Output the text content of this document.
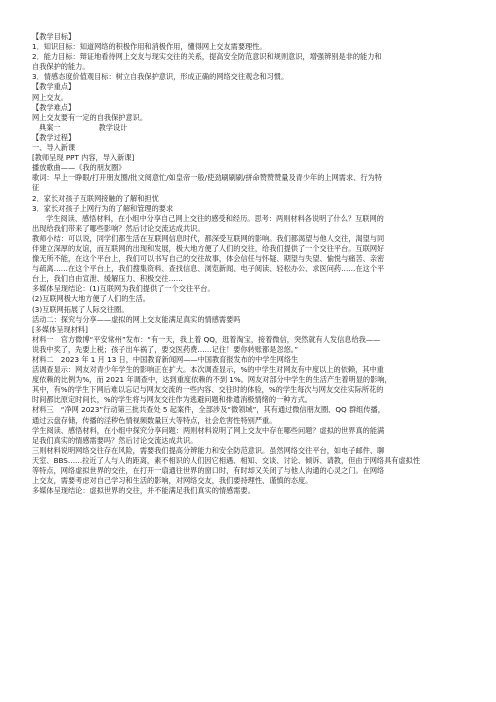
【教学目标】
1．知识目标：知道网络的积极作用和消极作用，懂得网上交友需要理性。
2．能力目标：辩证地看待网上交友与现实交往的关系，提高安全防范意识和规则意识，增强辨别是非的能力和
自我保护的能力。
3．情感态度价值观目标：树立自我保护意识，形成正确的网络交往观念和习惯。
【教学重点】
网上交友。
【教学难点】
网上交友要有一定的自我保护意识。
典案一	教学设计
【教学过程】
一、导入新课
[教师呈现 PPT 内容，导入新课]
播放歌曲——《我的朋友圈》
歌词：早上一睁眼/打开朋友圈/批文阅意忙/如皇帝一般/使劲刷刷刷/拼命赞赞赞量及青少年的上网需求、行为特
征
2．家长对孩子互联网接触的了解和担忧
3．家长对孩子上网行为的了解和管理的要求
学生阅读、感悟材料，在小组中分享自己网上交往的感受和经历。思考：两则材料各说明了什么？互联网的
出现给我们带来了哪些影响？然后讨论交流达成共识。
教师小结：可以说，同学们都生活在互联网信息时代，都深受互联网的影响。我们都渴望与他人交往，渴望与同
伴建立深厚的友谊，而互联网的出现和发展，极大地方便了人们的交往，给我们提供了一个交往平台。互联网好
像无所不能，在这个平台上，我们可以书写自己的交往故事，体会信任与怀疑、期望与失望、愉悦与痛苦、亲密
与疏离……在这个平台上，我们搜集资料、查找信息、浏览新闻、电子阅读、轻松办公、求医问药……在这个平
台上，我们自由宣泄、缓解压力、积极交往……
多媒体呈现结论：(1)互联网为我们提供了一个交往平台。
(2)互联网极大地方便了人们的生活。
(3)互联网拓展了人际交往圈。
活动二：探究与分享——虚拟的网上交友能满足真实的情感需要吗
[多媒体呈现材料]
材料一　官方微博“平安常州”发布：“有一天，我上着 QQ，逛着淘宝，接着微信，突然就有人发信息给我——
说我中奖了，先要上税；孩子出车祸了，要交医药费……记住！要你转账都是忽悠。”
材料二　2023 年 1 月 13 日，中国教育新闻网——中国教育报发布的中学生网络生
活调查显示：网友对青少年学生的影响正在扩大。本次调查显示，%的中学生对网友有中度以上的依赖，其中重
度依赖的比例为%，而 2021 年调查中，达到重度依赖的不到 1%。网友对部分中学生的生活产生着明显的影响，
其中，有%的学生下网后难以忘记与网友交流的一些内容、交往时的体验，%的学生每次与网友交往实际所花的
时间都比原定时间长，%的学生将与网友交往作为逃避问题和排遣消极情绪的一种方式。
材料三　“净网 2023”行动第三批共查处 5 起案件，全部涉及“微领域”，其有通过微信朋友圈、QQ 群组传播，
通过云盘存储，传播的淫秽色情视频数量巨大等特点，社会危害性特别严重。
学生阅读、感悟材料，在小组中探究分享问题：两则材料说明了网上交友中存在哪些问题？虚拟的世界真的能满
足我们真实的情感需要吗？然后讨论交流达成共识。
三则材料说明网络交往存在风险，需要我们提高分辨能力和安全防范意识。虽然网络交往平台，如电子邮件、聊
天室、BBS……拉近了人与人的距离，素不相识的人们因它相遇、相知、交谈、讨论、倾诉、请教，但由于网络具有虚拟性
等特点，网络虚拟世界的交往，在打开一扇通往世界的窗口时，有时却又关闭了与他人沟通的心灵之门。在网络
上交友，需要考虑对自己学习和生活的影响，对网络交友，我们要持理性、谨慎的态度。
多媒体呈现结论：虚拟世界的交往，并不能满足我们真实的情感需要。
